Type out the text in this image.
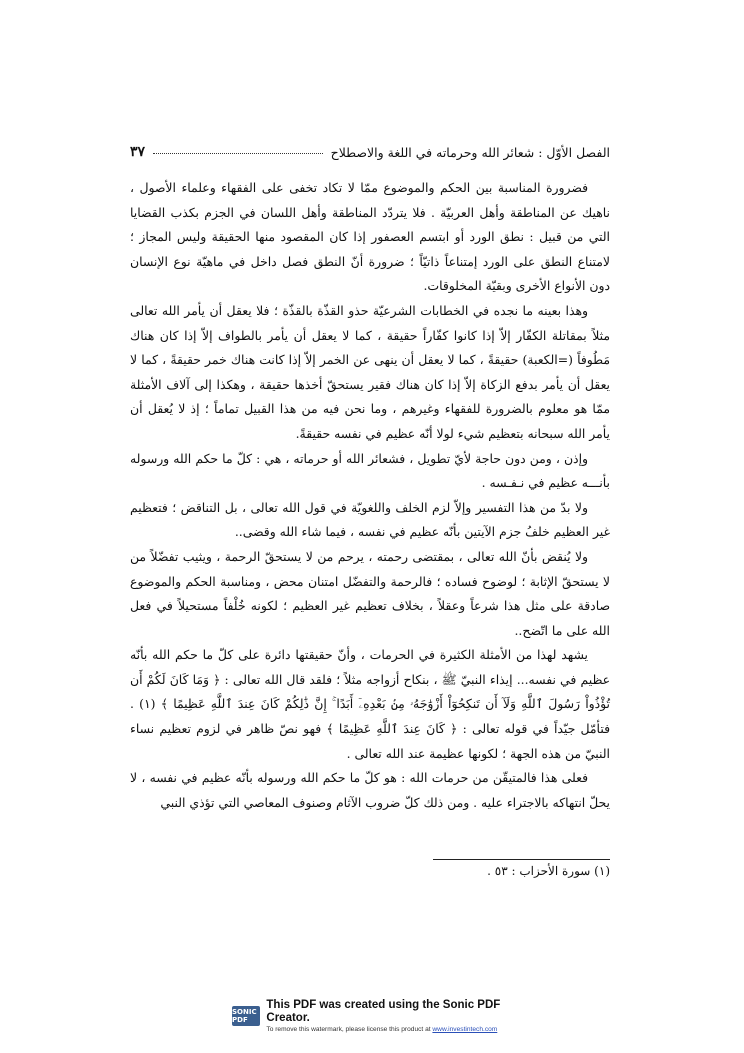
الفصل الأوّل : شعائر الله وحرماته في اللغة والاصطلاح
٣٧

فضرورة المناسبة بين الحكم والموضوع ممّا لا تكاد تخفى على الفقهاء وعلماء الأصول ، ناهيك عن المناطقة وأهل العربيّة . فلا يتردّد المناطقة وأهل اللسان في الجزم بكذب القضايا التي من قبيل : نطق الورد أو ابتسم العصفور إذا كان المقصود منها الحقيقة وليس المجاز ؛ لامتناع النطق على الورد إمتناعاً ذاتيّاً ؛ ضرورة أنّ النطق فصل داخل في ماهيّة نوع الإنسان دون الأنواع الأخرى وبقيّة المخلوقات.

وهذا بعينه ما نجده في الخطابات الشرعيّة حذو القذّة بالقذّة ؛ فلا يعقل أن يأمر الله تعالى مثلاً بمقاتلة الكفّار إلاّ إذا كانوا كفّاراً حقيقة ، كما لا يعقل أن يأمر بالطواف إلاّ إذا كان هناك مَطُوفاً (=الكعبة) حقيقةً ، كما لا يعقل أن ينهى عن الخمر إلاّ إذا كانت هناك خمر حقيقةً ، كما لا يعقل أن يأمر بدفع الزكاة إلاّ إذا كان هناك فقير يستحقّ أخذها حقيقة ، وهكذا إلى آلاف الأمثلة ممّا هو معلوم بالضرورة للفقهاء وغيرهم ، وما نحن فيه من هذا القبيل تماماً ؛ إذ لا يُعقل أن يأمر الله سبحانه بتعظيم شيء لولا أنّه عظيم في نفسه حقيقةً.

وإذن ، ومن دون حاجة لأيّ تطويل ، فشعائر الله أو حرماته ، هي : كلّ ما حكم الله ورسوله بأنـــه عظيم في نـفـسه .

ولا بدّ من هذا التفسير وإلاّ لزم الخلف واللغويّة في قول الله تعالى ، بل التناقض ؛ فتعظيم غير العظيم خلفُ جزم الآيتين بأنّه عظيم في نفسه ، فيما شاء الله وقضى..

ولا يُنقض بأنّ الله تعالى ، بمقتضى رحمته ، يرحم من لا يستحقّ الرحمة ، ويثيب تفضّلاً من لا يستحقّ الإثابة ؛ لوضوح فساده ؛ فالرحمة والتفضّل امتنان محض ، ومناسبة الحكم والموضوع صادقة على مثل هذا شرعاً وعقلاً ، بخلاف تعظيم غير العظيم ؛ لكونه خُلْفاً مستحيلاً في فعل الله على ما اتّضح..

يشهد لهذا من الأمثلة الكثيرة في الحرمات ، وأنّ حقيقتها دائرة على كلّ ما حكم الله بأنّه عظيم في نفسه... إيذاء النبيّ ﷺ ، بنكاح أزواجه مثلاً ؛ فلقد قال الله تعالى : ﴿ وَمَا كَانَ لَكُمْ أَن تُؤْذُواْ رَسُولَ ٱللَّهِ وَلَآ أَن تَنكِحُوٓاْ أَزْوَٰجَهُۥ مِنۢ بَعْدِهِۦٓ أَبَدًا ۚ إِنَّ ذَٰلِكُمْ كَانَ عِندَ ٱللَّهِ عَظِيمًا ﴾ (١) . فتأمّل جيّداً في قوله تعالى : ﴿ كَانَ عِندَ ٱللَّهِ عَظِيمًا ﴾ فهو نصّ ظاهر في لزوم تعظيم نساء النبيّ من هذه الجهة ؛ لكونها عظيمة عند الله تعالى .

فعلى هذا فالمتيقّن من حرمات الله : هو كلّ ما حكم الله ورسوله بأنّه عظيم في نفسه ، لا يحلّ انتهاكه بالاجتراء عليه . ومن ذلك كلّ ضروب الآثام وصنوف المعاصي التي تؤذي النبي

(١) سورة الأحزاب : ٥٣ .
SONIC PDF
This PDF was created using the Sonic PDF Creator.
To remove this watermark, please license this product at www.investintech.com
